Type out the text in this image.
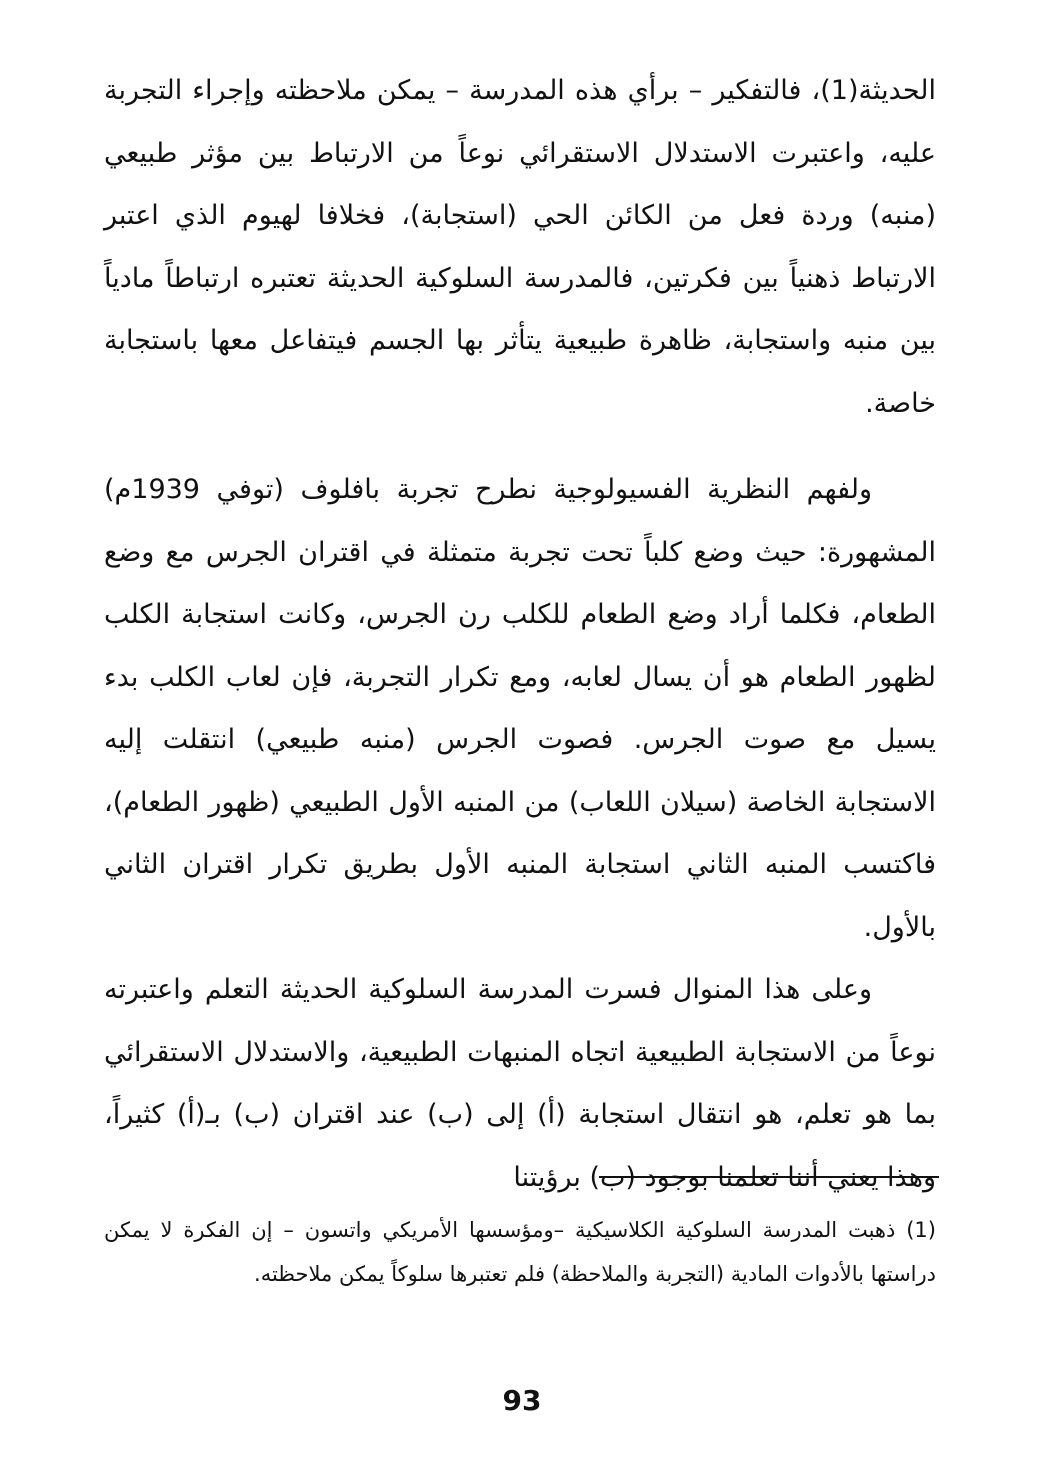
الحديثة(1)، فالتفكير – برأي هذه المدرسة – يمكن ملاحظته وإجراء التجربة عليه، واعتبرت الاستدلال الاستقرائي نوعاً من الارتباط بين مؤثر طبيعي (منبه) وردة فعل من الكائن الحي (استجابة)، فخلافا لهيوم الذي اعتبر الارتباط ذهنياً بين فكرتين، فالمدرسة السلوكية الحديثة تعتبره ارتباطاً مادياً بين منبه واستجابة، ظاهرة طبيعية يتأثر بها الجسم فيتفاعل معها باستجابة خاصة.

ولفهم النظرية الفسيولوجية نطرح تجربة بافلوف (توفي 1939م) المشهورة: حيث وضع كلباً تحت تجربة متمثلة في اقتران الجرس مع وضع الطعام، فكلما أراد وضع الطعام للكلب رن الجرس، وكانت استجابة الكلب لظهور الطعام هو أن يسال لعابه، ومع تكرار التجربة، فإن لعاب الكلب بدء يسيل مع صوت الجرس. فصوت الجرس (منبه طبيعي) انتقلت إليه الاستجابة الخاصة (سيلان اللعاب) من المنبه الأول الطبيعي (ظهور الطعام)، فاكتسب المنبه الثاني استجابة المنبه الأول بطريق تكرار اقتران الثاني بالأول.

وعلى هذا المنوال فسرت المدرسة السلوكية الحديثة التعلم واعتبرته نوعاً من الاستجابة الطبيعية اتجاه المنبهات الطبيعية، والاستدلال الاستقرائي بما هو تعلم، هو انتقال استجابة (أ) إلى (ب) عند اقتران (ب) بـ(أ) كثيراً، وهذا يعني أننا تعلمنا بوجود (ب) برؤيتنا

(1) ذهبت المدرسة السلوكية الكلاسيكية –ومؤسسها الأمريكي واتسون – إن الفكرة لا يمكن دراستها بالأدوات المادية (التجربة والملاحظة) فلم تعتبرها سلوكاً يمكن ملاحظته.

93
